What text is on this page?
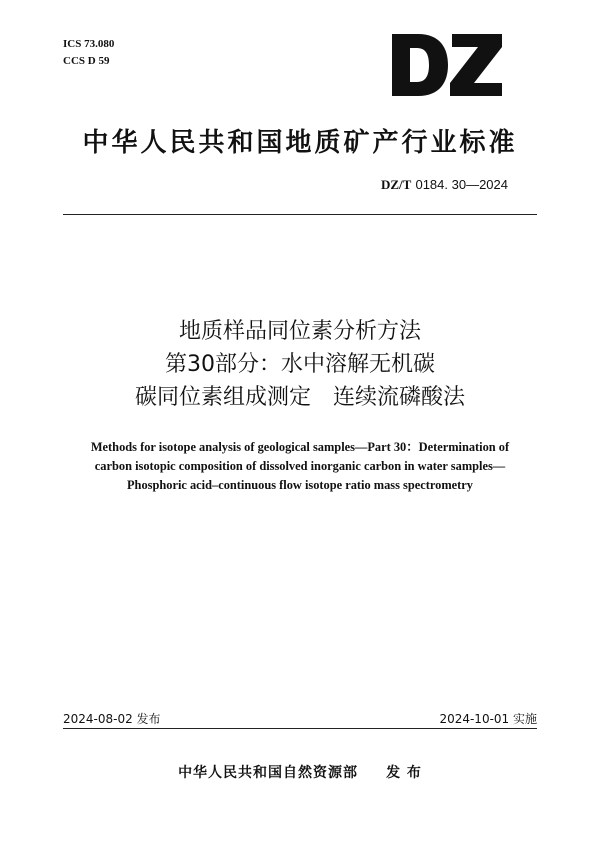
ICS 73.080
CCS D 59
中华人民共和国地质矿产行业标准
DZ/T 0184. 30—2024
地质样品同位素分析方法
第30部分：水中溶解无机碳
碳同位素组成测定　连续流磷酸法
Methods for isotope analysis of geological samples—Part 30：Determination of
carbon isotopic composition of dissolved inorganic carbon in water samples—
Phosphoric acid–continuous flow isotope ratio mass spectrometry
2024-08-02 发布	2024-10-01 实施
中华人民共和国自然资源部 发 布
